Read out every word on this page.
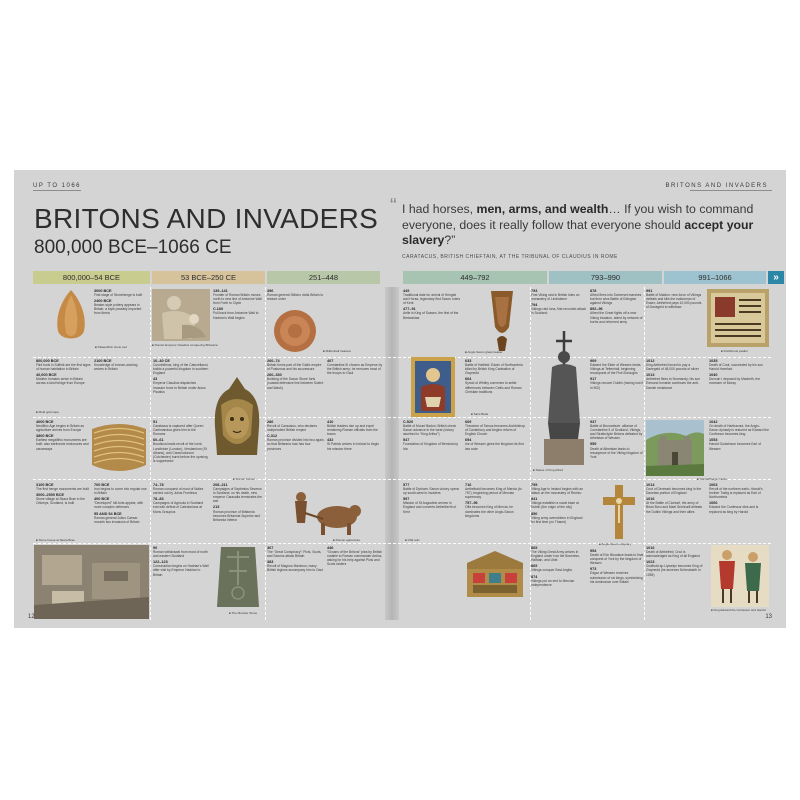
UP TO 1066	BRITONS AND INVADERS
BRITONS AND INVADERS
800,000 BCE–1066 CE
“ I had horses, men, arms, and wealth… If you wish to command everyone, does it really follow that everyone should accept your slavery?”
CARATACUS, BRITISH CHIEFTAIN, AT THE TRIBUNAL OF CLAUDIUS IN ROME
800,000–54 BCE	53 BCE–250 CE	251–448	449–792	793–990	991–1066	»
■ Palaeolithic stone tool
3000 BCE
First stage of Stonehenge is built
2400 BCE
Beaker-style pottery appears in Britain, a style possibly imported from Iberia
800,000 BCE
Flint tools in Suffolk are the first signs of human habitation in Britain
40,000 BCE
Modern humans arrive in Britain across a land bridge from Europe
■ Mold gold cape
2100 BCE
Knowledge of bronze-working arrives in Britain
4000 BCE
Neolithic Age begins in Britain as agriculture arrives from Europe
3800 BCE
Earliest megalithic monuments are built; also earthwork enclosures and causeways
3100 BCE
The first henge monuments are built
3000–2500 BCE
Stone village at Skara Brae in the Orkneys, Scotland, is built
700 BCE
Iron begins to come into regular use in Britain
400 BCE
“Developed” hill-forts appear, with more complex defences
55 AND 54 BCE
Roman general Julius Caesar mounts two invasions of Britain
■ Stone house at Skara Brae
■ Roman Emperor Claudius conquering Britannia
139–141
Frontier of Roman Britain moves north to new line of Antonine Wall from Forth to Clyde
C.160
Pull back from Antonine Wall to Hadrian’s Wall begins
10–40 CE
Cunobelinus, king of the Catuvellauni, builds a powerful kingdom in southern England
43
Emperor Claudius dispatches invasion force to Britain under Aulus Plautius
■ Roman helmet
51
Caratacus is captured after Queen Cartimandua gives him to the Romans
60–61
Boudicca leads revolt of the Iceni; Londinium (London), Verulamium (St Albans), and Camulodunum (Colchester) burnt before the uprising is suppressed
74–78
Roman conquest of most of Wales carried out by Julius Frontinus
78–83
Campaigns of Agricola in Scotland end with defeat of Caledonians at Mons Graupius
208–211
Campaigns of Septimius Severus in Scotland; on his death, new emperor Caracalla terminates the war
213
Roman province of Britannia becomes Britannia Superior and Britannia Inferior
90
Roman withdrawal from most of north and eastern Scotland
122–123
Construction begins on Hadrian’s Wall after visit by Emperor Hadrian to Britain
■ The Monster Stone
396
Roman general Stilicho visits Britain to restore order
■ Mildenhall treasure
260–74
Britain forms part of the Gallic empire of Postumus and his successors
260–330
Building of the Saxon Shore forts (coastal defensive line between Solent and Wash)
407
Constantine III chosen as Emperor by the British army; he removes most of the troops to Gaul
286
Revolt of Carausius, who declares independent British empire
C.312
Roman province divided into two again, so that Britannia now has four provinces
410
British leaders rise up and expel remaining Roman officials from the towns
432
St Patrick arrives in Ireland to begin his mission there
■ Roman agriculture
367
The “Great Conspiracy”: Picts, Scots, and Saxons attack Britain
383
Revolt of Magnus Maximus; many British legions accompany him to Gaul
446
“Groans of the Britons” plea by British notable to Roman commander Aetius, asking for his help against Picts and Scots raiders
449
Traditional date for arrival of Hengist and Horsa, legendary first Saxon rulers of Kent
477–91
Aelle is King of Sussex, the first of the Bretwaldas
■ Anglo-Saxon glass beaker
■ Saint Bede
633
Battle of Hatfield: Edwin of Northumbria killed by British King Cadwallon of Gwynedd
664
Synod of Whitby convenes to settle differences between Celtic and Roman Christian traditions
C.520
Battle of Mount Badon; British check Saxon advance in the west (victory ascribed to “King Arthur”)
547
Foundation of Kingdom of Bernicia by Ida
669
Theodore of Tarsus becomes Archbishop of Canterbury and begins reform of English Church
694
Ine of Wessex gives the kingdom its first law code
577
Battle of Dyrham: Saxon victory opens up south-west to invaders
597
Mission of St Augustine arrives in England and converts Aethelberht of Kent
716
Aethelbald becomes King of Mercia (to 757), beginning period of Mercian supremacy
757–96
Offa becomes King of Mercia; he dominates the other Anglo-Saxon kingdoms
■ Offa relic
■ Statue of King Alfred
793
First Viking raid in British Isles on monastery of Lindisfarne
794
Vikings raid Iona, first recorded attack in Scotland
878
Alfred flees into Somerset marshes but then wins Battle of Edington against Vikings
892–96
Alfred the Great fights off a new Viking invasion, aided by network of burhs and reformed army
909
Edward the Elder of Wessex beats Vikings at Tettenhall, beginning reconquest of the Five Boroughs
917
Vikings recover Dublin (having lost it in 902)
937
Battle of Brunanburh: alliance of Constantine II of Scotland, Vikings, and Strathclyde Britons defeated by Athelstan of Wessex
959
Death of Athelstan leads to resurgence of the Viking kingdom of York
795
Viking Age in Ireland begins with an attack on the monastery of Rechru
841
Vikings establish a naval base at Dublin (the origin of the city)
850
Viking army overwinters in England for first time (on Thanet)
■ Anglo-Saxon reliquary
865
The Viking Great Army arrives in England under Ivar the Boneless, Halfdan, and Ubbi
869
Vikings conquer East Anglia
874
Vikings put an end to Mercian independence
954
Death of Eric Bloodaxe leads to final conquest of York by the kingdom of Wessex
973
Edgar of Wessex receives submission of six kings, symbolizing his dominance over Britain
991
Battle of Maldon: new force of Vikings defeats and kills the ealdorman of Essex; Aethelred pays 10,000 pounds of Danegeld to withdraw
■ Rushbrook psalter
1012
King Aethelred forced to pay a Danegeld of 48,000 pounds of silver
1013
Aethelred flees to Normandy; his son Edmund Ironside continues the anti-Danish resistance
1035
Death of Cnut, succeeded by his son Harold Harefoot
1040
Duncan I deposed by Macbeth, the mormaer of Moray
■ Dunstaffnage Castle
1042
On death of Harthacnut, the Anglo-Saxon dynasty is restored as Edward the Confessor becomes king
1053
Harold Godwinson becomes Earl of Wessex
1014
Cnut of Denmark becomes king in the Danelaw portion of England
1016
At the Battle of Clontarf, the army of Brian Boru and Mael Sechnaill defeats the Dublin Vikings and their allies
1063
Revolt of the northern earls; Harold’s brother Tostig is replaced as Earl of Northumbria
1066
Edward the Confessor dies and is replaced as king by Harold
1016
Death of Aethelred; Cnut is acknowledged as King of all England
1023
Gruffudd ap Llywelyn becomes King of Gwynedd (he annexes Deheubarth in 1055)
■ King Edward the Confessor and Harold
12	13
